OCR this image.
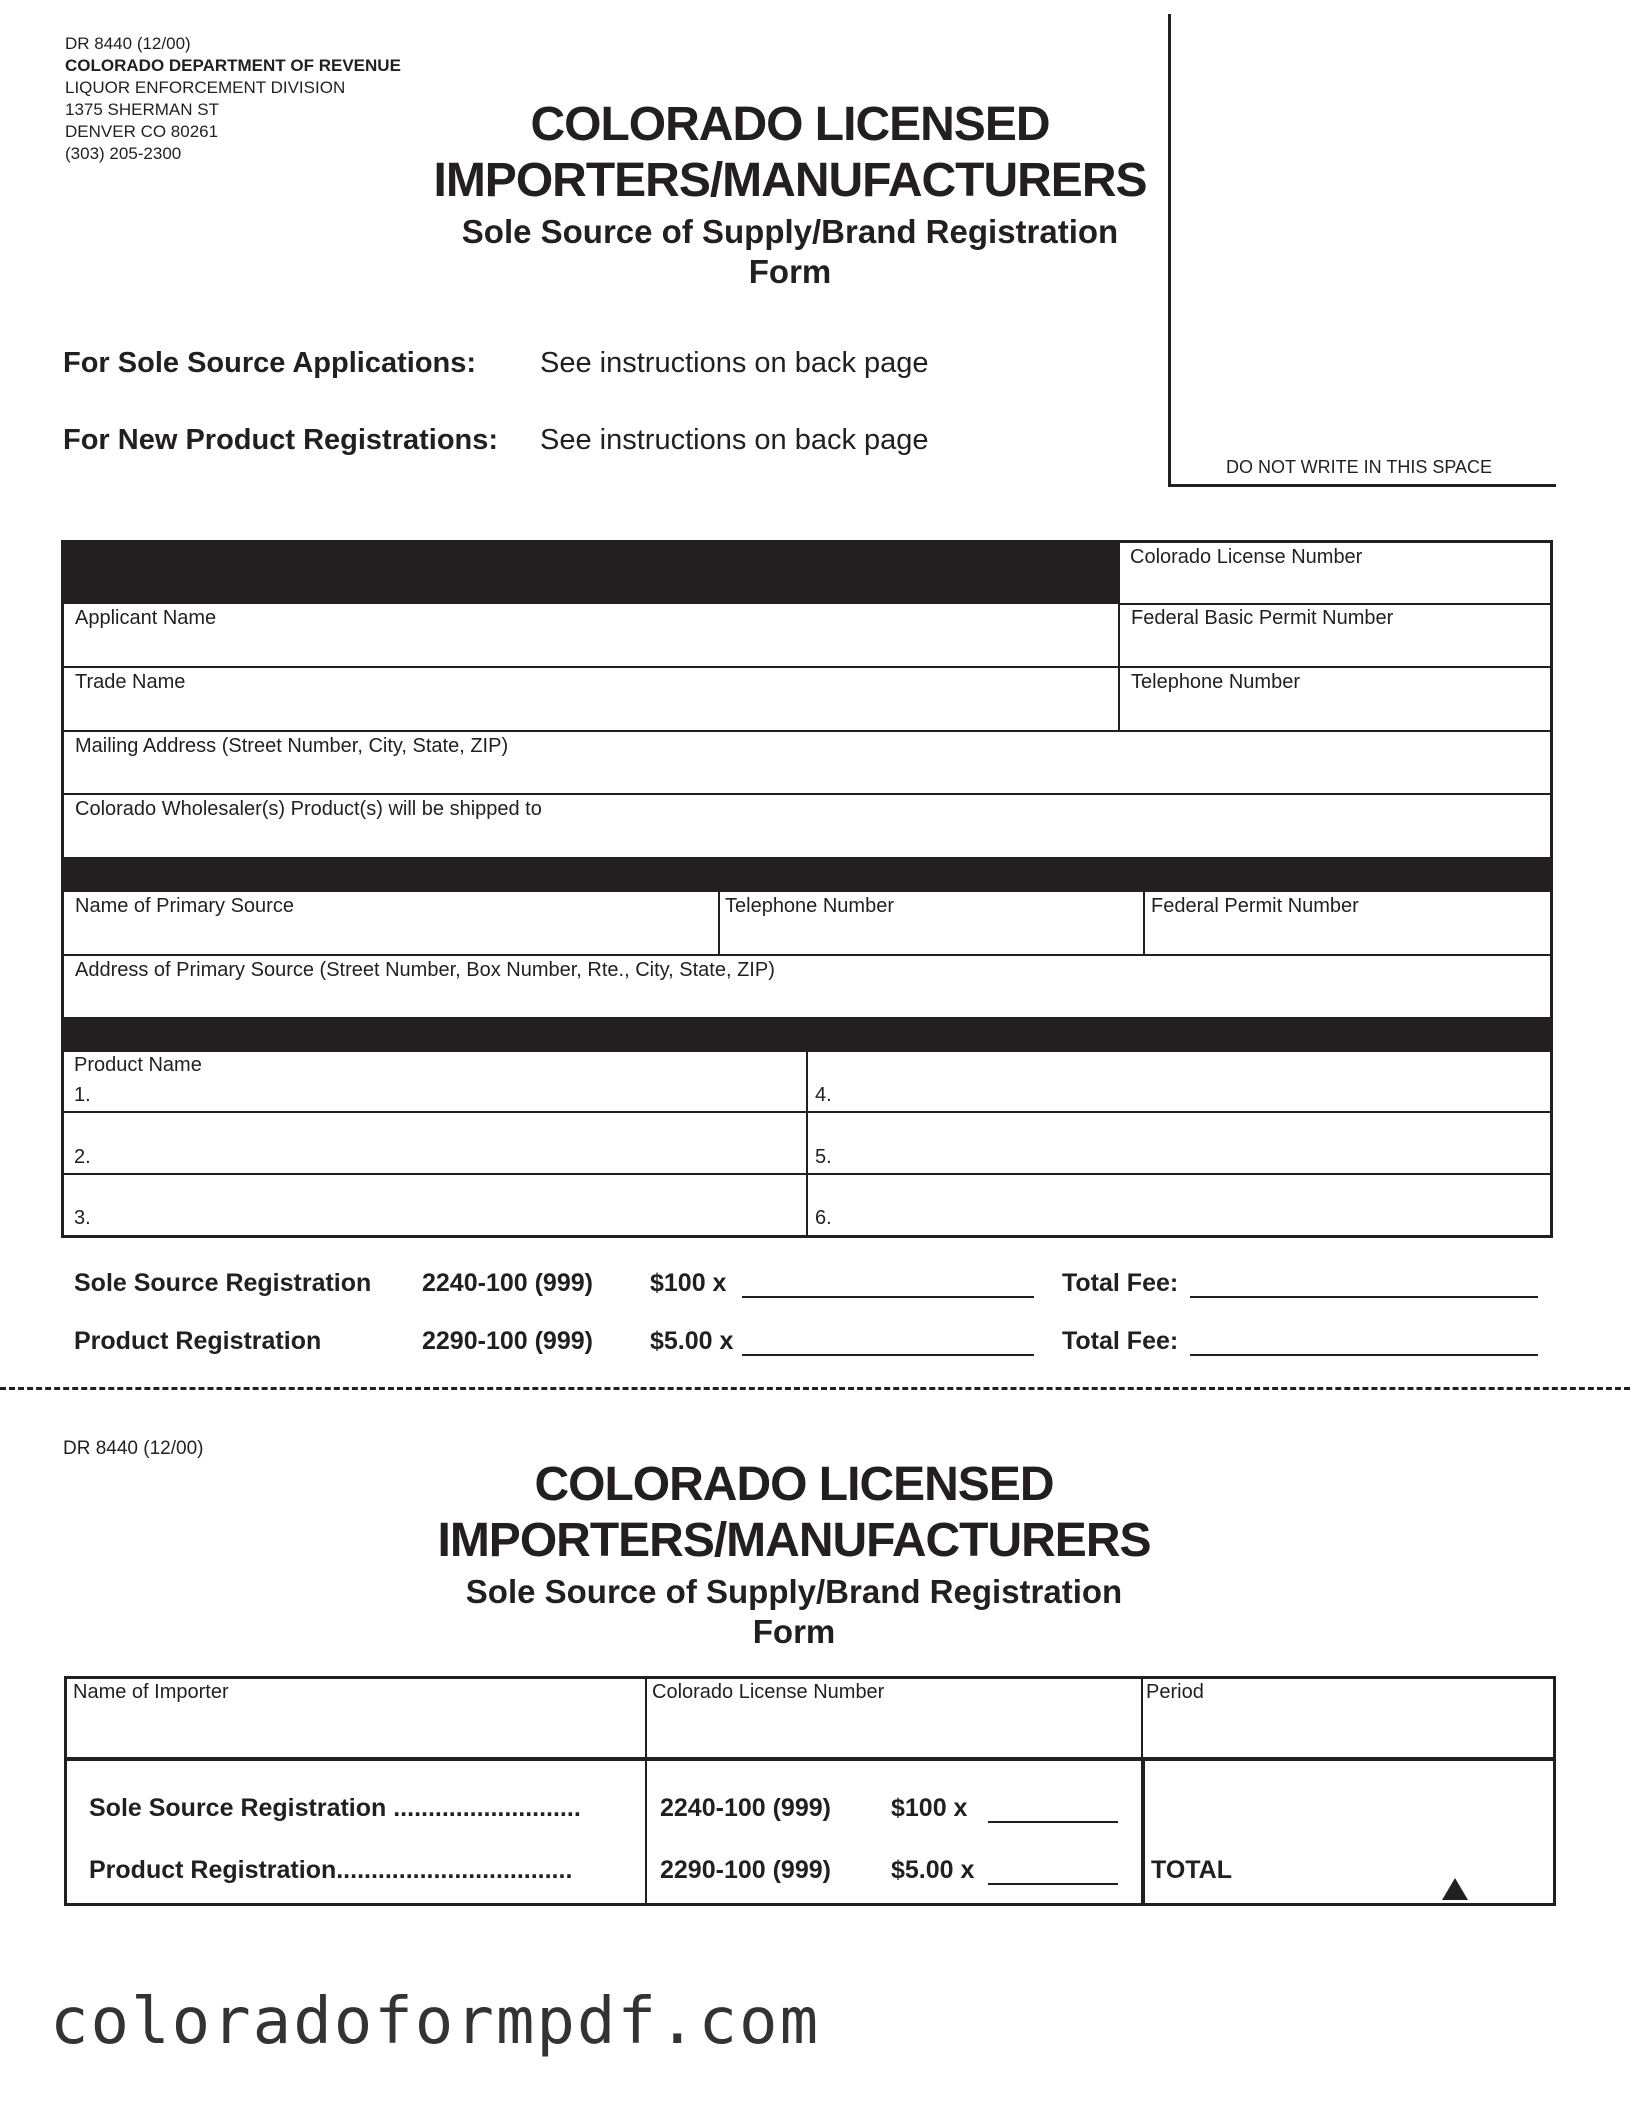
DR 8440 (12/00)
COLORADO DEPARTMENT OF REVENUE
LIQUOR ENFORCEMENT DIVISION
1375 SHERMAN ST
DENVER CO 80261
(303) 205-2300
COLORADO LICENSED
IMPORTERS/MANUFACTURERS
Sole Source of Supply/Brand Registration Form
DO NOT WRITE IN THIS SPACE
For Sole Source Applications: See instructions on back page
For New Product Registrations: See instructions on back page
Colorado License Number
Applicant Name	Federal Basic Permit Number
Trade Name	Telephone Number
Mailing Address (Street Number, City, State, ZIP)
Colorado Wholesaler(s) Product(s) will be shipped to
Name of Primary Source	Telephone Number	Federal Permit Number
Address of Primary Source (Street Number, Box Number, Rte., City, State, ZIP)
Product Name
1.	4.
2.	5.
3.	6.
Sole Source Registration 2240-100 (999) $100 x	Total Fee:
Product Registration	2290-100 (999) $5.00 x	Total Fee:
DR 8440 (12/00)
COLORADO LICENSED
IMPORTERS/MANUFACTURERS
Sole Source of Supply/Brand Registration Form
Name of Importer	Colorado License Number	Period
Sole Source Registration ...........................	2240-100 (999) $100 x
Product Registration..................................	2290-100 (999) $5.00 x	TOTAL
coloradoformpdf.com
